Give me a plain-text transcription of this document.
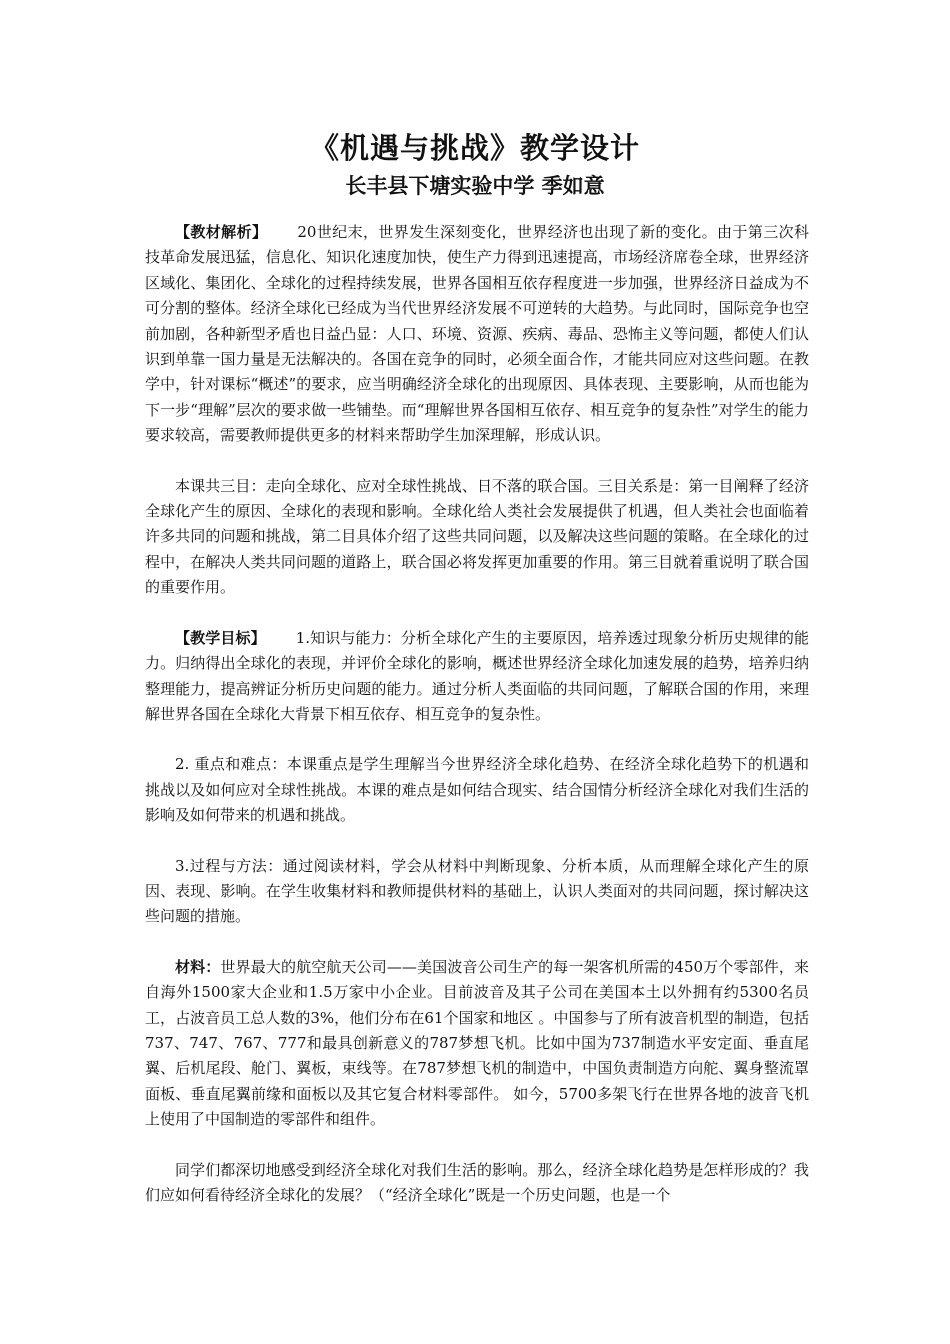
《机遇与挑战》教学设计
长丰县下塘实验中学 季如意

【教材解析】 20世纪末，世界发生深刻变化，世界经济也出现了新的变化。由于第三次科技革命发展迅猛，信息化、知识化速度加快，使生产力得到迅速提高，市场经济席卷全球，世界经济区域化、集团化、全球化的过程持续发展，世界各国相互依存程度进一步加强，世界经济日益成为不可分割的整体。经济全球化已经成为当代世界经济发展不可逆转的大趋势。与此同时，国际竞争也空前加剧，各种新型矛盾也日益凸显：人口、环境、资源、疾病、毒品、恐怖主义等问题，都使人们认识到单靠一国力量是无法解决的。各国在竞争的同时，必须全面合作，才能共同应对这些问题。在教学中，针对课标“概述”的要求，应当明确经济全球化的出现原因、具体表现、主要影响，从而也能为下一步“理解”层次的要求做一些铺垫。而“理解世界各国相互依存、相互竞争的复杂性”对学生的能力要求较高，需要教师提供更多的材料来帮助学生加深理解，形成认识。

本课共三目：走向全球化、应对全球性挑战、日不落的联合国。三目关系是：第一目阐释了经济全球化产生的原因、全球化的表现和影响。全球化给人类社会发展提供了机遇，但人类社会也面临着许多共同的问题和挑战，第二目具体介绍了这些共同问题，以及解决这些问题的策略。在全球化的过程中，在解决人类共同问题的道路上，联合国必将发挥更加重要的作用。第三目就着重说明了联合国的重要作用。

【教学目标】 1.知识与能力：分析全球化产生的主要原因，培养透过现象分析历史规律的能力。归纳得出全球化的表现，并评价全球化的影响，概述世界经济全球化加速发展的趋势，培养归纳整理能力，提高辨证分析历史问题的能力。通过分析人类面临的共同问题，了解联合国的作用，来理解世界各国在全球化大背景下相互依存、相互竞争的复杂性。

2. 重点和难点：本课重点是学生理解当今世界经济全球化趋势、在经济全球化趋势下的机遇和挑战以及如何应对全球性挑战。本课的难点是如何结合现实、结合国情分析经济全球化对我们生活的影响及如何带来的机遇和挑战。

3.过程与方法：通过阅读材料，学会从材料中判断现象、分析本质，从而理解全球化产生的原因、表现、影响。在学生收集材料和教师提供材料的基础上，认识人类面对的共同问题，探讨解决这些问题的措施。

材料：世界最大的航空航天公司——美国波音公司生产的每一架客机所需的450万个零部件，来自海外1500家大企业和1.5万家中小企业。目前波音及其子公司在美国本土以外拥有约5300名员工，占波音员工总人数的3%，他们分布在61个国家和地区 。中国参与了所有波音机型的制造，包括737、747、767、777和最具创新意义的787梦想飞机。比如中国为737制造水平安定面、垂直尾翼、后机尾段、舱门、翼板，束线等。在787梦想飞机的制造中，中国负责制造方向舵、翼身整流罩面板、垂直尾翼前缘和面板以及其它复合材料零部件。 如今，5700多架飞行在世界各地的波音飞机上使用了中国制造的零部件和组件。

同学们都深切地感受到经济全球化对我们生活的影响。那么，经济全球化趋势是怎样形成的？我们应如何看待经济全球化的发展？（“经济全球化”既是一个历史问题，也是一个
